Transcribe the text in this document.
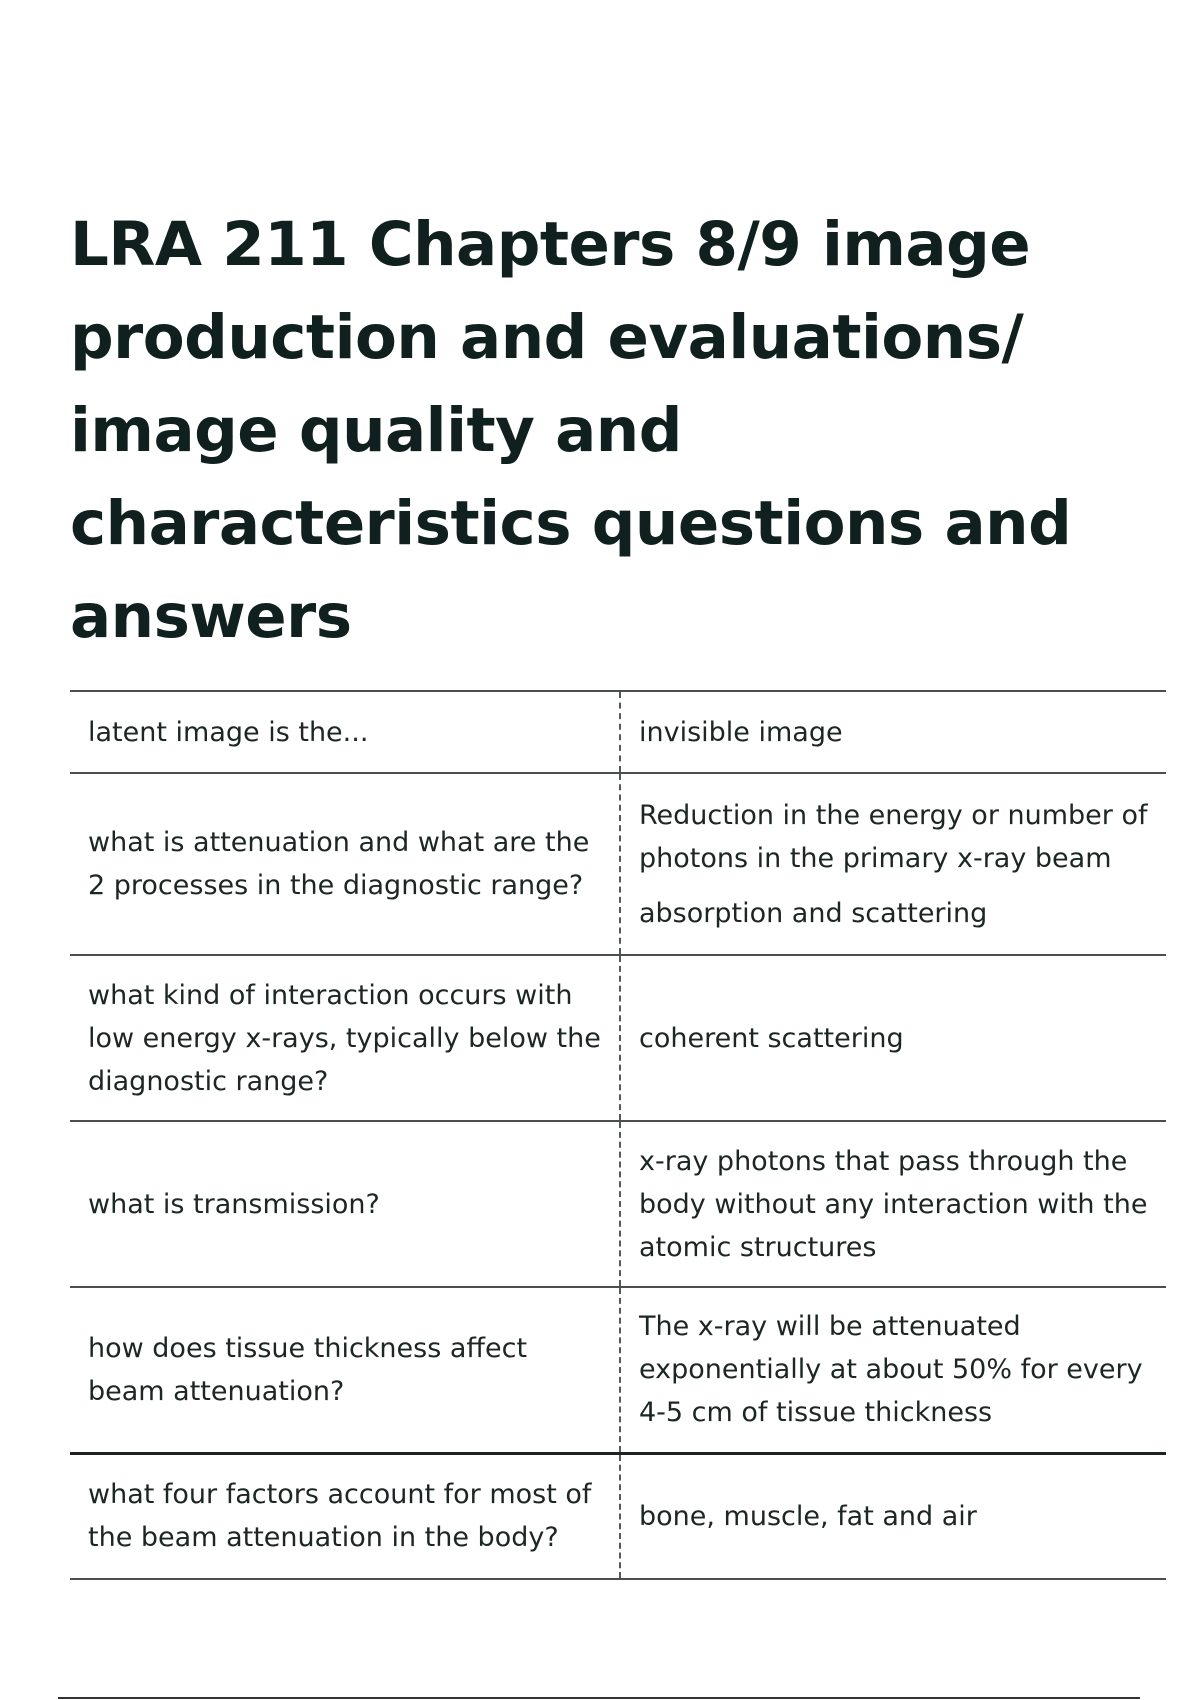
LRA 211 Chapters 8/9 image production and evaluations/ image quality and characteristics questions and answers
latent image is the...	invisible image

what is attenuation and what are the 2 processes in the diagnostic range?	Reduction in the energy or number of photons in the primary x-ray beam
absorption and scattering

what kind of interaction occurs with low energy x-rays, typically below the diagnostic range?	coherent scattering

what is transmission?	x-ray photons that pass through the body without any interaction with the atomic structures

how does tissue thickness affect beam attenuation?	The x-ray will be attenuated exponentially at about 50% for every 4-5 cm of tissue thickness

what four factors account for most of the beam attenuation in the body?	bone, muscle, fat and air
